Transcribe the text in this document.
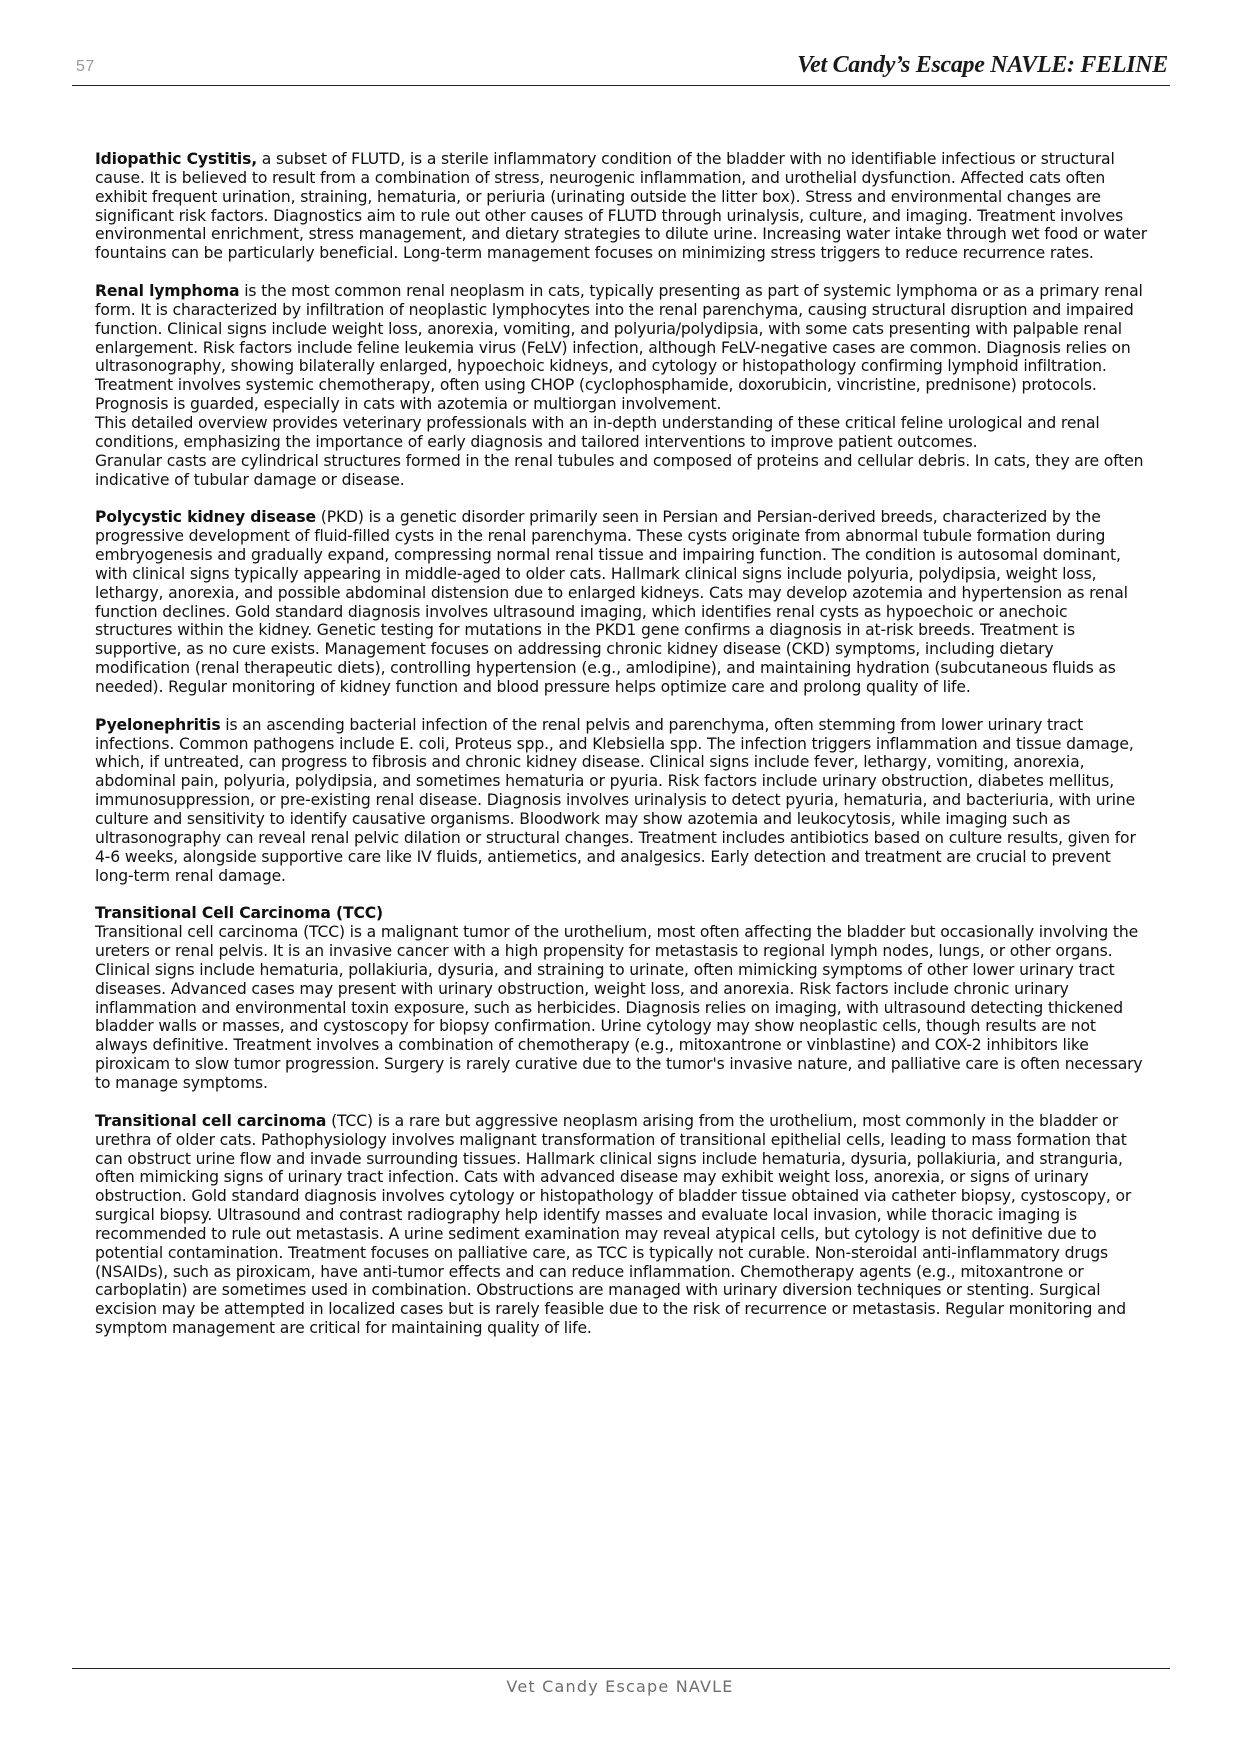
57	Vet Candy’s Escape NAVLE: FELINE

Idiopathic Cystitis, a subset of FLUTD, is a sterile inflammatory condition of the bladder with no identifiable infectious or structural cause. It is believed to result from a combination of stress, neurogenic inflammation, and urothelial dysfunction. Affected cats often exhibit frequent urination, straining, hematuria, or periuria (urinating outside the litter box). Stress and environmental changes are significant risk factors. Diagnostics aim to rule out other causes of FLUTD through urinalysis, culture, and imaging. Treatment involves environmental enrichment, stress management, and dietary strategies to dilute urine. Increasing water intake through wet food or water fountains can be particularly beneficial. Long-term management focuses on minimizing stress triggers to reduce recurrence rates.

Renal lymphoma is the most common renal neoplasm in cats, typically presenting as part of systemic lymphoma or as a primary renal form. It is characterized by infiltration of neoplastic lymphocytes into the renal parenchyma, causing structural disruption and impaired function. Clinical signs include weight loss, anorexia, vomiting, and polyuria/polydipsia, with some cats presenting with palpable renal enlargement. Risk factors include feline leukemia virus (FeLV) infection, although FeLV-negative cases are common. Diagnosis relies on ultrasonography, showing bilaterally enlarged, hypoechoic kidneys, and cytology or histopathology confirming lymphoid infiltration. Treatment involves systemic chemotherapy, often using CHOP (cyclophosphamide, doxorubicin, vincristine, prednisone) protocols. Prognosis is guarded, especially in cats with azotemia or multiorgan involvement.

This detailed overview provides veterinary professionals with an in-depth understanding of these critical feline urological and renal conditions, emphasizing the importance of early diagnosis and tailored interventions to improve patient outcomes.

Granular casts are cylindrical structures formed in the renal tubules and composed of proteins and cellular debris. In cats, they are often indicative of tubular damage or disease.

Polycystic kidney disease (PKD) is a genetic disorder primarily seen in Persian and Persian-derived breeds, characterized by the progressive development of fluid-filled cysts in the renal parenchyma. These cysts originate from abnormal tubule formation during embryogenesis and gradually expand, compressing normal renal tissue and impairing function. The condition is autosomal dominant, with clinical signs typically appearing in middle-aged to older cats. Hallmark clinical signs include polyuria, polydipsia, weight loss, lethargy, anorexia, and possible abdominal distension due to enlarged kidneys. Cats may develop azotemia and hypertension as renal function declines. Gold standard diagnosis involves ultrasound imaging, which identifies renal cysts as hypoechoic or anechoic structures within the kidney. Genetic testing for mutations in the PKD1 gene confirms a diagnosis in at-risk breeds. Treatment is supportive, as no cure exists. Management focuses on addressing chronic kidney disease (CKD) symptoms, including dietary modification (renal therapeutic diets), controlling hypertension (e.g., amlodipine), and maintaining hydration (subcutaneous fluids as needed). Regular monitoring of kidney function and blood pressure helps optimize care and prolong quality of life.

Pyelonephritis is an ascending bacterial infection of the renal pelvis and parenchyma, often stemming from lower urinary tract infections. Common pathogens include E. coli, Proteus spp., and Klebsiella spp. The infection triggers inflammation and tissue damage, which, if untreated, can progress to fibrosis and chronic kidney disease. Clinical signs include fever, lethargy, vomiting, anorexia, abdominal pain, polyuria, polydipsia, and sometimes hematuria or pyuria. Risk factors include urinary obstruction, diabetes mellitus, immunosuppression, or pre-existing renal disease. Diagnosis involves urinalysis to detect pyuria, hematuria, and bacteriuria, with urine culture and sensitivity to identify causative organisms. Bloodwork may show azotemia and leukocytosis, while imaging such as ultrasonography can reveal renal pelvic dilation or structural changes. Treatment includes antibiotics based on culture results, given for 4-6 weeks, alongside supportive care like IV fluids, antiemetics, and analgesics. Early detection and treatment are crucial to prevent long-term renal damage.

Transitional Cell Carcinoma (TCC)

Transitional cell carcinoma (TCC) is a malignant tumor of the urothelium, most often affecting the bladder but occasionally involving the ureters or renal pelvis. It is an invasive cancer with a high propensity for metastasis to regional lymph nodes, lungs, or other organs. Clinical signs include hematuria, pollakiuria, dysuria, and straining to urinate, often mimicking symptoms of other lower urinary tract diseases. Advanced cases may present with urinary obstruction, weight loss, and anorexia. Risk factors include chronic urinary inflammation and environmental toxin exposure, such as herbicides. Diagnosis relies on imaging, with ultrasound detecting thickened bladder walls or masses, and cystoscopy for biopsy confirmation. Urine cytology may show neoplastic cells, though results are not always definitive. Treatment involves a combination of chemotherapy (e.g., mitoxantrone or vinblastine) and COX-2 inhibitors like piroxicam to slow tumor progression. Surgery is rarely curative due to the tumor's invasive nature, and palliative care is often necessary to manage symptoms.

Transitional cell carcinoma (TCC) is a rare but aggressive neoplasm arising from the urothelium, most commonly in the bladder or urethra of older cats. Pathophysiology involves malignant transformation of transitional epithelial cells, leading to mass formation that can obstruct urine flow and invade surrounding tissues. Hallmark clinical signs include hematuria, dysuria, pollakiuria, and stranguria, often mimicking signs of urinary tract infection. Cats with advanced disease may exhibit weight loss, anorexia, or signs of urinary obstruction. Gold standard diagnosis involves cytology or histopathology of bladder tissue obtained via catheter biopsy, cystoscopy, or surgical biopsy. Ultrasound and contrast radiography help identify masses and evaluate local invasion, while thoracic imaging is recommended to rule out metastasis. A urine sediment examination may reveal atypical cells, but cytology is not definitive due to potential contamination. Treatment focuses on palliative care, as TCC is typically not curable. Non-steroidal anti-inflammatory drugs (NSAIDs), such as piroxicam, have anti-tumor effects and can reduce inflammation. Chemotherapy agents (e.g., mitoxantrone or carboplatin) are sometimes used in combination. Obstructions are managed with urinary diversion techniques or stenting. Surgical excision may be attempted in localized cases but is rarely feasible due to the risk of recurrence or metastasis. Regular monitoring and symptom management are critical for maintaining quality of life.

Vet Candy Escape NAVLE
